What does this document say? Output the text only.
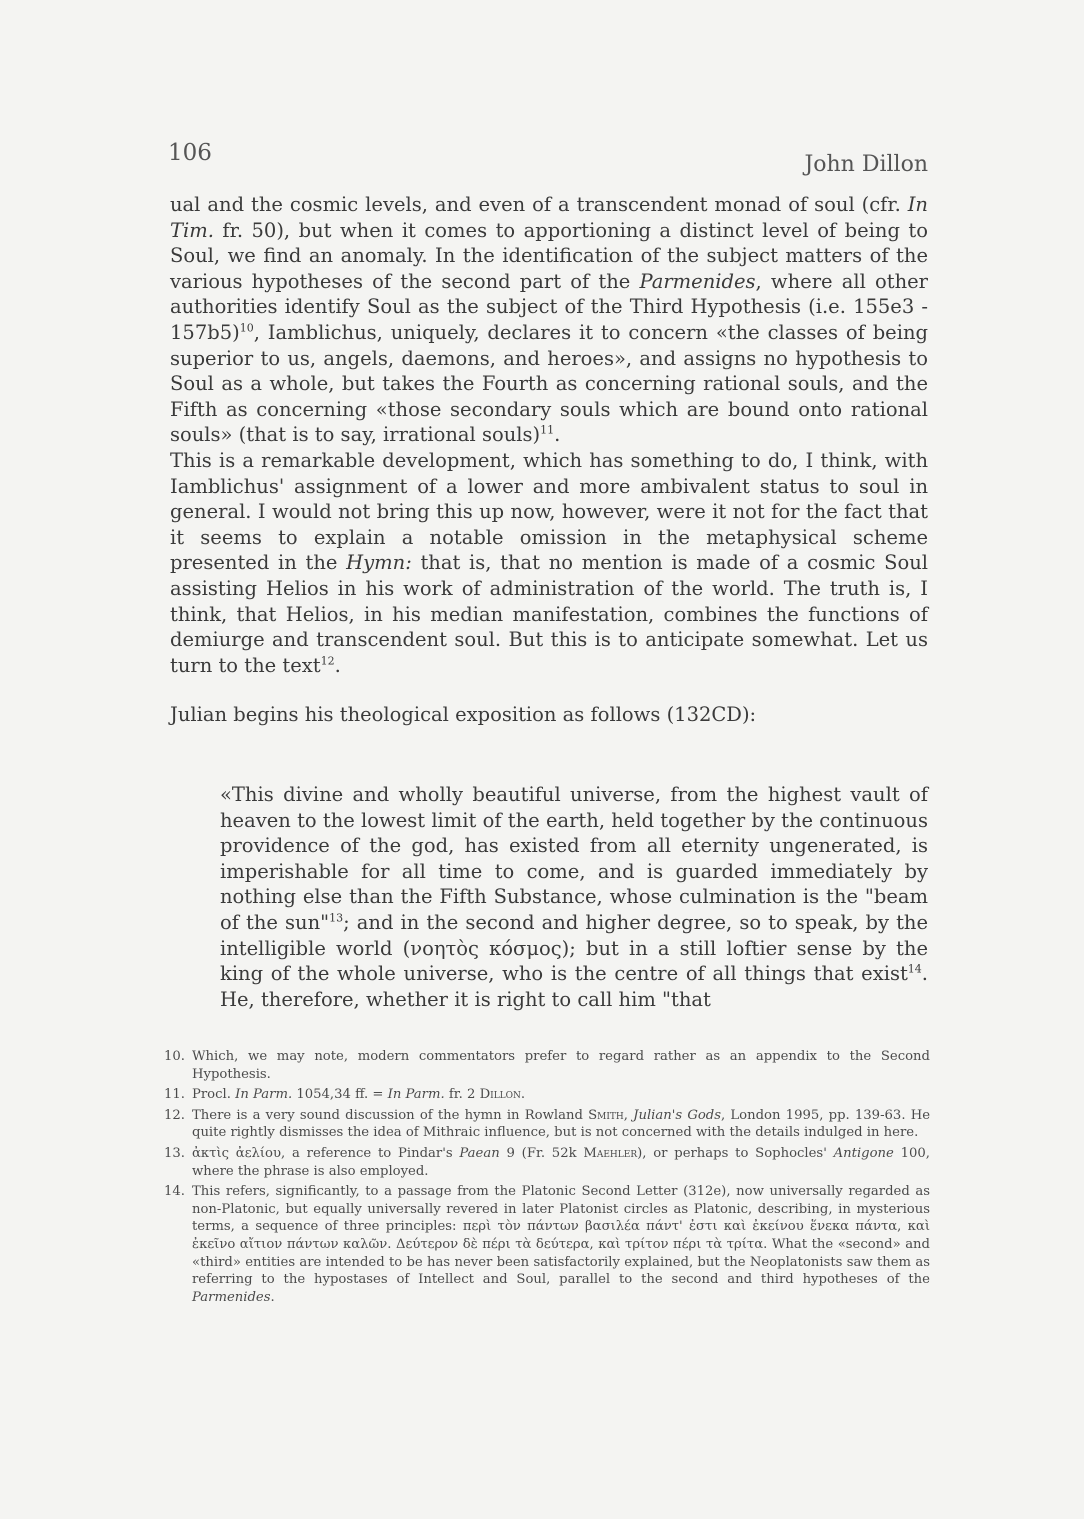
106	John Dillon

ual and the cosmic levels, and even of a transcendent monad of soul (cfr. In Tim. fr. 50), but when it comes to apportioning a distinct level of being to Soul, we find an anomaly. In the identification of the subject matters of the various hypotheses of the second part of the Parmenides, where all other authorities identify Soul as the subject of the Third Hypothesis (i.e. 155e3 - 157b5)$^{10}$, Iamblichus, uniquely, declares it to concern «the classes of being superior to us, angels, daemons, and heroes», and assigns no hypothesis to Soul as a whole, but takes the Fourth as concerning rational souls, and the Fifth as concerning «those secondary souls which are bound onto rational souls» (that is to say, irrational souls)$^{11}$.

This is a remarkable development, which has something to do, I think, with Iamblichus' assignment of a lower and more ambivalent status to soul in general. I would not bring this up now, however, were it not for the fact that it seems to explain a notable omission in the metaphysical scheme presented in the Hymn: that is, that no mention is made of a cosmic Soul assisting Helios in his work of administration of the world. The truth is, I think, that Helios, in his median manifestation, combines the functions of demiurge and transcendent soul. But this is to anticipate somewhat. Let us turn to the text$^{12}$.

Julian begins his theological exposition as follows (132CD):

«This divine and wholly beautiful universe, from the highest vault of heaven to the lowest limit of the earth, held together by the continuous providence of the god, has existed from all eternity ungenerated, is imperishable for all time to come, and is guarded immediately by nothing else than the Fifth Substance, whose culmination is the "beam of the sun"$^{13}$; and in the second and higher degree, so to speak, by the intelligible world (νοητὸς κόσμος); but in a still loftier sense by the king of the whole universe, who is the centre of all things that exist$^{14}$. He, therefore, whether it is right to call him "that

10. Which, we may note, modern commentators prefer to regard rather as an appendix to the Second Hypothesis.
11. Procl. In Parm. 1054,34 ff. = In Parm. fr. 2 Dillon.
12. There is a very sound discussion of the hymn in Rowland Smith, Julian's Gods, London 1995, pp. 139-63. He quite rightly dismisses the idea of Mithraic influence, but is not concerned with the details indulged in here.
13. ἀκτὶς ἀελίου, a reference to Pindar's Paean 9 (Fr. 52k Maehler), or perhaps to Sophocles' Antigone 100, where the phrase is also employed.
14. This refers, significantly, to a passage from the Platonic Second Letter (312e), now universally regarded as non-Platonic, but equally universally revered in later Platonist circles as Platonic, describing, in mysterious terms, a sequence of three principles: περὶ τὸν πάντων βασιλέα πάντ' ἐστι καὶ ἐκείνου ἕνεκα πάντα, καὶ ἐκεῖνο αἴτιον πάντων καλῶν. Δεύτερον δὲ πέρι τὰ δεύτερα, καὶ τρίτον πέρι τὰ τρίτα. What the «second» and «third» entities are intended to be has never been satisfactorily explained, but the Neoplatonists saw them as referring to the hypostases of Intellect and Soul, parallel to the second and third hypotheses of the Parmenides.
